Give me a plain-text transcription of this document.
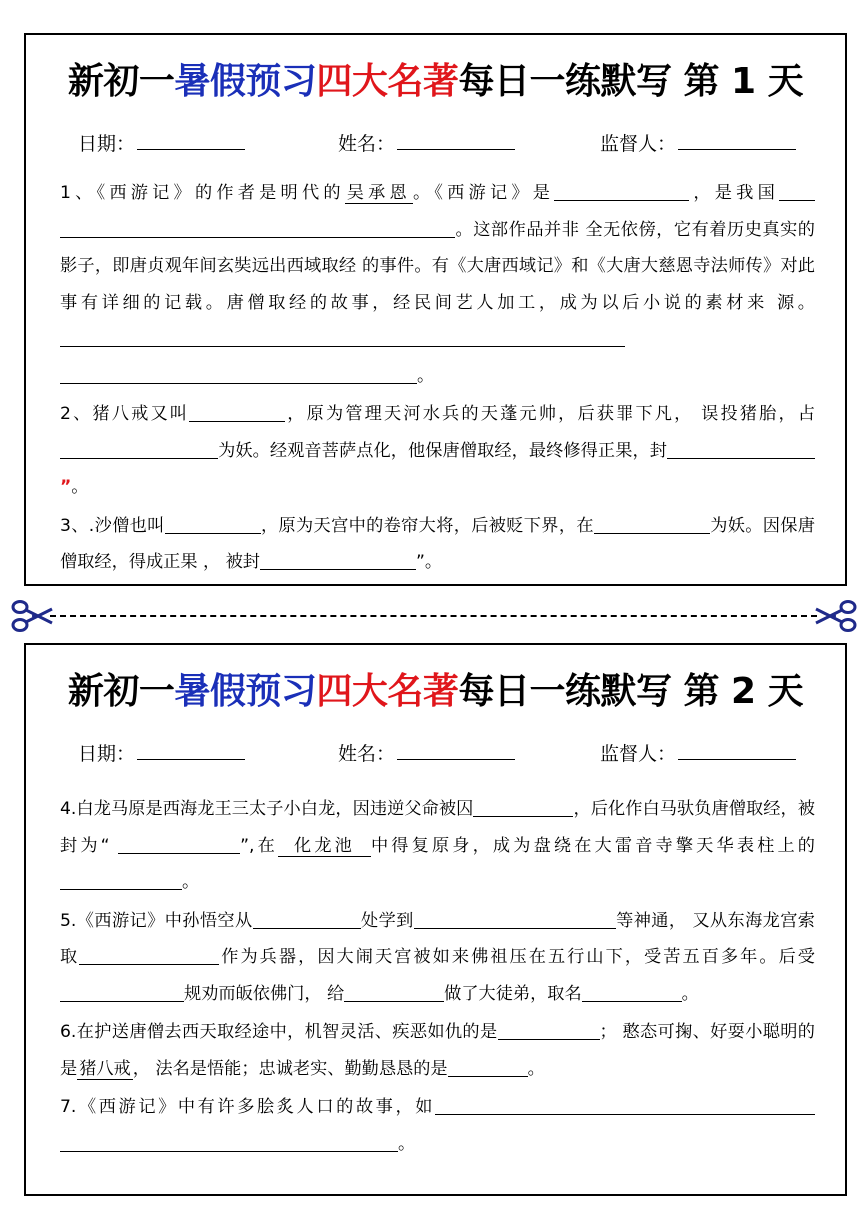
新初一暑假预习四大名著每日一练默写 第 1 天
日期：	姓名：	监督人：
1、《西游记》的作者是明代的 吴承恩 。《西游记》是	，是我国。这部作品并非 全无依傍，它有着历史真实的 影子，即唐贞观年间玄奘远出西域取经 的事件。有《大唐西域记》和《大唐大慈恩寺法师传》对此事有详细的记载。唐僧取经的故事，经民间艺人加工，成为以后小说的素材来 源。。
2、猪八戒又叫	，原为管理天河水兵的天蓬元帅，后获罪下凡， 误投猪胎，占为妖。经观音菩萨点化，他保唐僧取经，最终修得正果，封”。
3、.沙僧也叫	，原为天宫中的卷帘大将，后被贬下界，在	为妖。因保唐僧取经，得成正果 ， 被封	”。
新初一暑假预习四大名著每日一练默写 第 2 天
日期：	姓名：	监督人：
4.白龙马原是西海龙王三太子小白龙，因违逆父命被囚	，后化作白马驮负唐僧取经，被封为“	”,在 化龙池 中得复原身，成为盘绕在大雷音寺擎天华表柱上的。
5.《西游记》中孙悟空从	处学到	等神通， 又从东海龙宫索取	作为兵器，因大闹天宫被如来佛祖压在五行山下，受苦五百多年。后受规劝而皈依佛门， 给	做了大徒弟，取名	。
6.在护送唐僧去西天取经途中，机智灵活、疾恶如仇的是	； 憨态可掬、好耍小聪明的是 猪八戒 ， 法名是悟能；忠诚老实、勤勤恳恳的是	。
7.《西游记》中有许多脍炙人口的故事，如。
